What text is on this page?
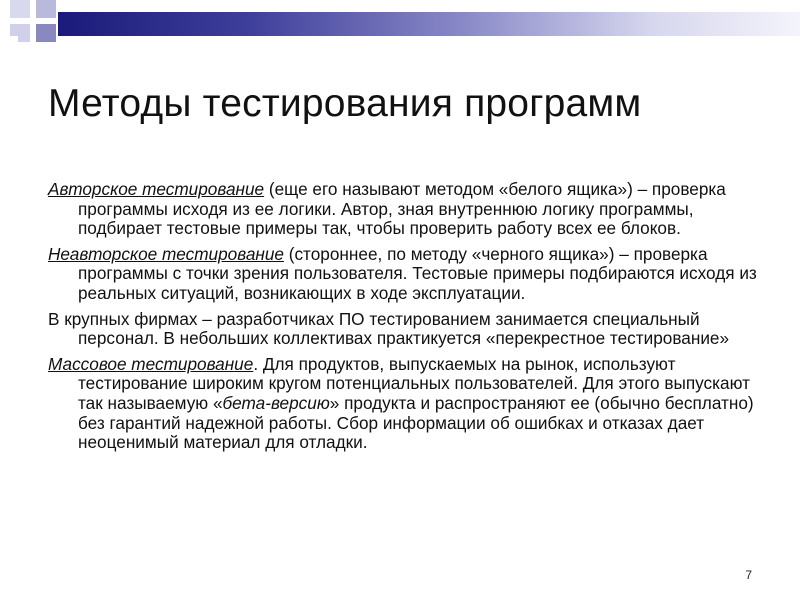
Методы тестирования программ

Авторское тестирование (еще его называют методом «белого ящика») – проверка программы исходя из ее логики. Автор, зная внутреннюю логику программы, подбирает тестовые примеры так, чтобы проверить работу всех ее блоков.

Неавторское тестирование (стороннее, по методу «черного ящика») – проверка программы с точки зрения пользователя. Тестовые примеры подбираются исходя из реальных ситуаций, возникающих в ходе эксплуатации.

В крупных фирмах – разработчиках ПО тестированием занимается специальный персонал. В небольших коллективах практикуется «перекрестное тестирование»

Массовое тестирование. Для продуктов, выпускаемых на рынок, используют тестирование широким кругом потенциальных пользователей. Для этого выпускают так называемую «бета-версию» продукта и распространяют ее (обычно бесплатно) без гарантий надежной работы. Сбор информации об ошибках и отказах дает неоценимый материал для отладки.

7
